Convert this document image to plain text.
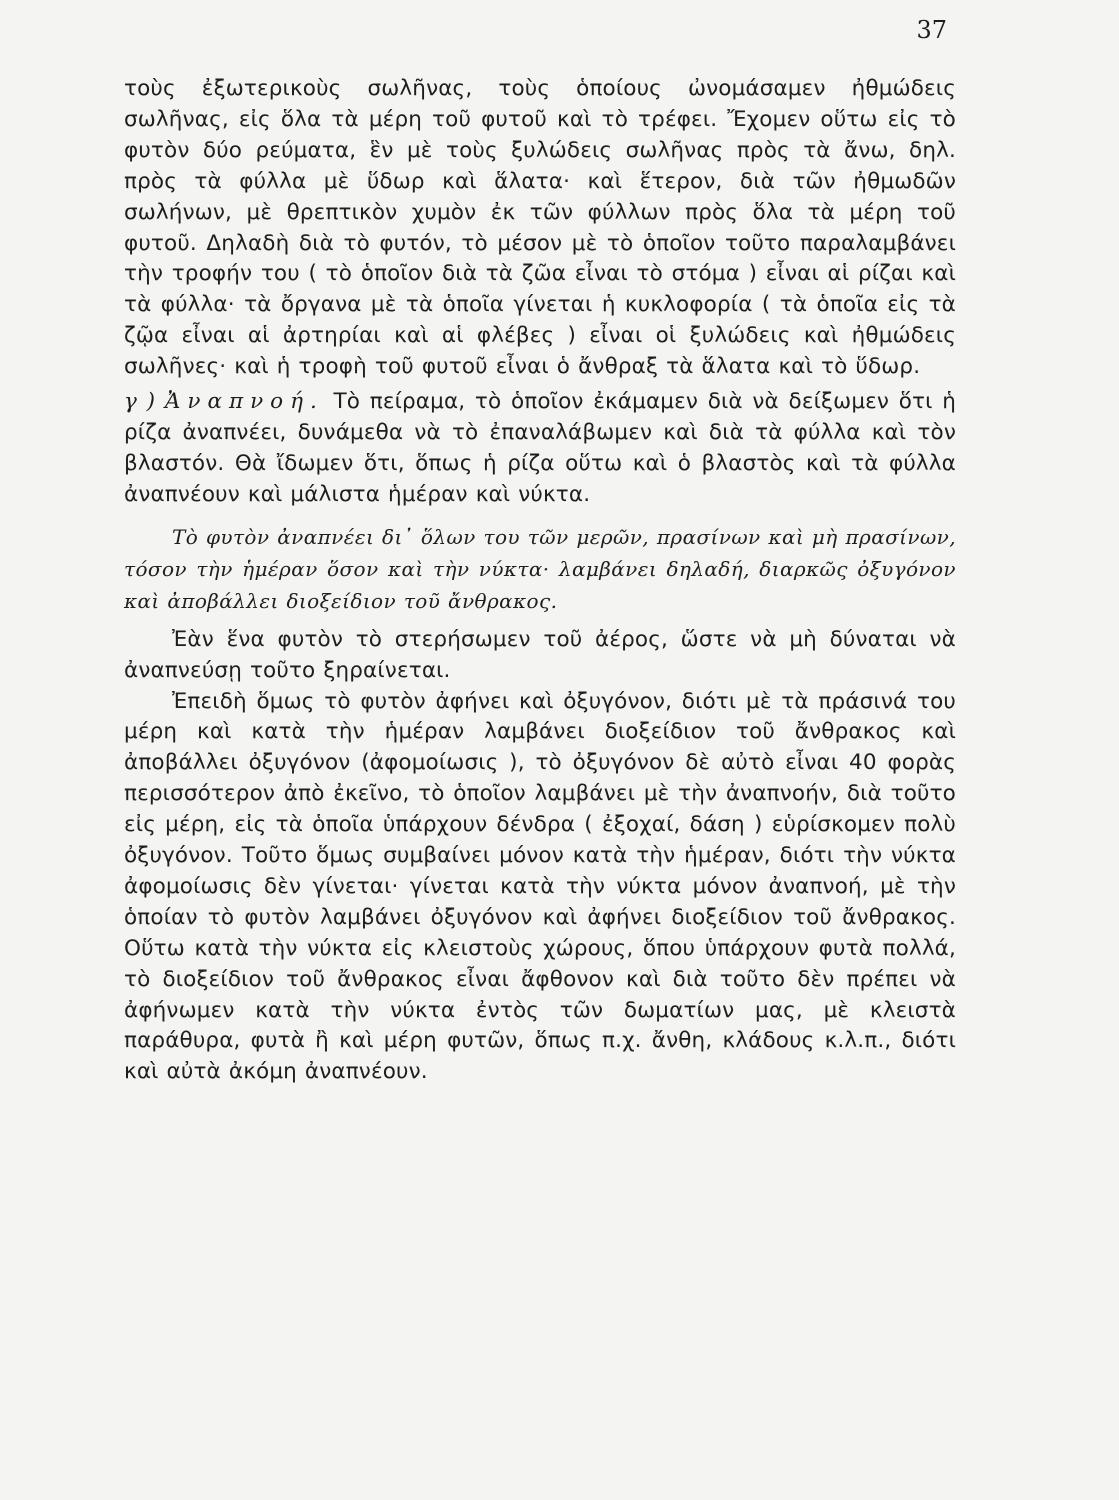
37

τοὺς ἐξωτερικοὺς σωλῆνας, τοὺς ὁποίους ὠνομάσαμεν ἠθμώδεις σωλῆνας, εἰς ὅλα τὰ μέρη τοῦ φυτοῦ καὶ τὸ τρέφει. Ἔχομεν οὕτω εἰς τὸ φυτὸν δύο ρεύματα, ἓν μὲ τοὺς ξυλώδεις σωλῆνας πρὸς τὰ ἄνω, δηλ. πρὸς τὰ φύλλα μὲ ὕδωρ καὶ ἅλατα· καὶ ἕτερον, διὰ τῶν ἠθμωδῶν σωλήνων, μὲ θρεπτικὸν χυμὸν ἐκ τῶν φύλλων πρὸς ὅλα τὰ μέρη τοῦ φυτοῦ. Δηλαδὴ διὰ τὸ φυτόν, τὸ μέσον μὲ τὸ ὁποῖον τοῦτο παραλαμβάνει τὴν τροφήν του ( τὸ ὁποῖον διὰ τὰ ζῶα εἶναι τὸ στόμα ) εἶναι αἱ ρίζαι καὶ τὰ φύλλα· τὰ ὄργανα μὲ τὰ ὁποῖα γίνεται ἡ κυκλοφορία ( τὰ ὁποῖα εἰς τὰ ζῷα εἶναι αἱ ἀρτηρίαι καὶ αἱ φλέβες ) εἶναι οἱ ξυλώδεις καὶ ἠθμώδεις σωλῆνες· καὶ ἡ τροφὴ τοῦ φυτοῦ εἶναι ὁ ἄνθραξ τὰ ἅλατα καὶ τὸ ὕδωρ.

γ ) Ἀναπνοή. Τὸ πείραμα, τὸ ὁποῖον ἐκάμαμεν διὰ νὰ δείξωμεν ὅτι ἡ ρίζα ἀναπνέει, δυνάμεθα νὰ τὸ ἐπαναλάβωμεν καὶ διὰ τὰ φύλλα καὶ τὸν βλαστόν. Θὰ ἴδωμεν ὅτι, ὅπως ἡ ρίζα οὕτω καὶ ὁ βλαστὸς καὶ τὰ φύλλα ἀναπνέουν καὶ μάλιστα ἡμέραν καὶ νύκτα.

Τὸ φυτὸν ἀναπνέει δι᾽ ὅλων του τῶν μερῶν, πρασίνων καὶ μὴ πρασίνων, τόσον τὴν ἡμέραν ὅσον καὶ τὴν νύκτα· λαμβάνει δηλαδή, διαρκῶς ὀξυγόνον καὶ ἀποβάλλει διοξείδιον τοῦ ἄνθρακος.

Ἐὰν ἕνα φυτὸν τὸ στερήσωμεν τοῦ ἀέρος, ὥστε νὰ μὴ δύναται νὰ ἀναπνεύσῃ τοῦτο ξηραίνεται.

Ἐπειδὴ ὅμως τὸ φυτὸν ἀφήνει καὶ ὀξυγόνον, διότι μὲ τὰ πράσινά του μέρη καὶ κατὰ τὴν ἡμέραν λαμβάνει διοξείδιον τοῦ ἄνθρακος καὶ ἀποβάλλει ὀξυγόνον (ἀφομοίωσις ), τὸ ὀξυγόνον δὲ αὐτὸ εἶναι 40 φορὰς περισσότερον ἀπὸ ἐκεῖνο, τὸ ὁποῖον λαμβάνει μὲ τὴν ἀναπνοήν, διὰ τοῦτο εἰς μέρη, εἰς τὰ ὁποῖα ὑπάρχουν δένδρα ( ἐξοχαί, δάση ) εὑρίσκομεν πολὺ ὀξυγόνον. Τοῦτο ὅμως συμβαίνει μόνον κατὰ τὴν ἡμέραν, διότι τὴν νύκτα ἀφομοίωσις δὲν γίνεται· γίνεται κατὰ τὴν νύκτα μόνον ἀναπνοή, μὲ τὴν ὁποίαν τὸ φυτὸν λαμβάνει ὀξυγόνον καὶ ἀφήνει διοξείδιον τοῦ ἄνθρακος. Οὕτω κατὰ τὴν νύκτα εἰς κλειστοὺς χώρους, ὅπου ὑπάρχουν φυτὰ πολλά, τὸ διοξείδιον τοῦ ἄνθρακος εἶναι ἄφθονον καὶ διὰ τοῦτο δὲν πρέπει νὰ ἀφήνωμεν κατὰ τὴν νύκτα ἐντὸς τῶν δωματίων μας, μὲ κλειστὰ παράθυρα, φυτὰ ἢ καὶ μέρη φυτῶν, ὅπως π.χ. ἄνθη, κλάδους κ.λ.π., διότι καὶ αὐτὰ ἀκόμη ἀναπνέουν.
